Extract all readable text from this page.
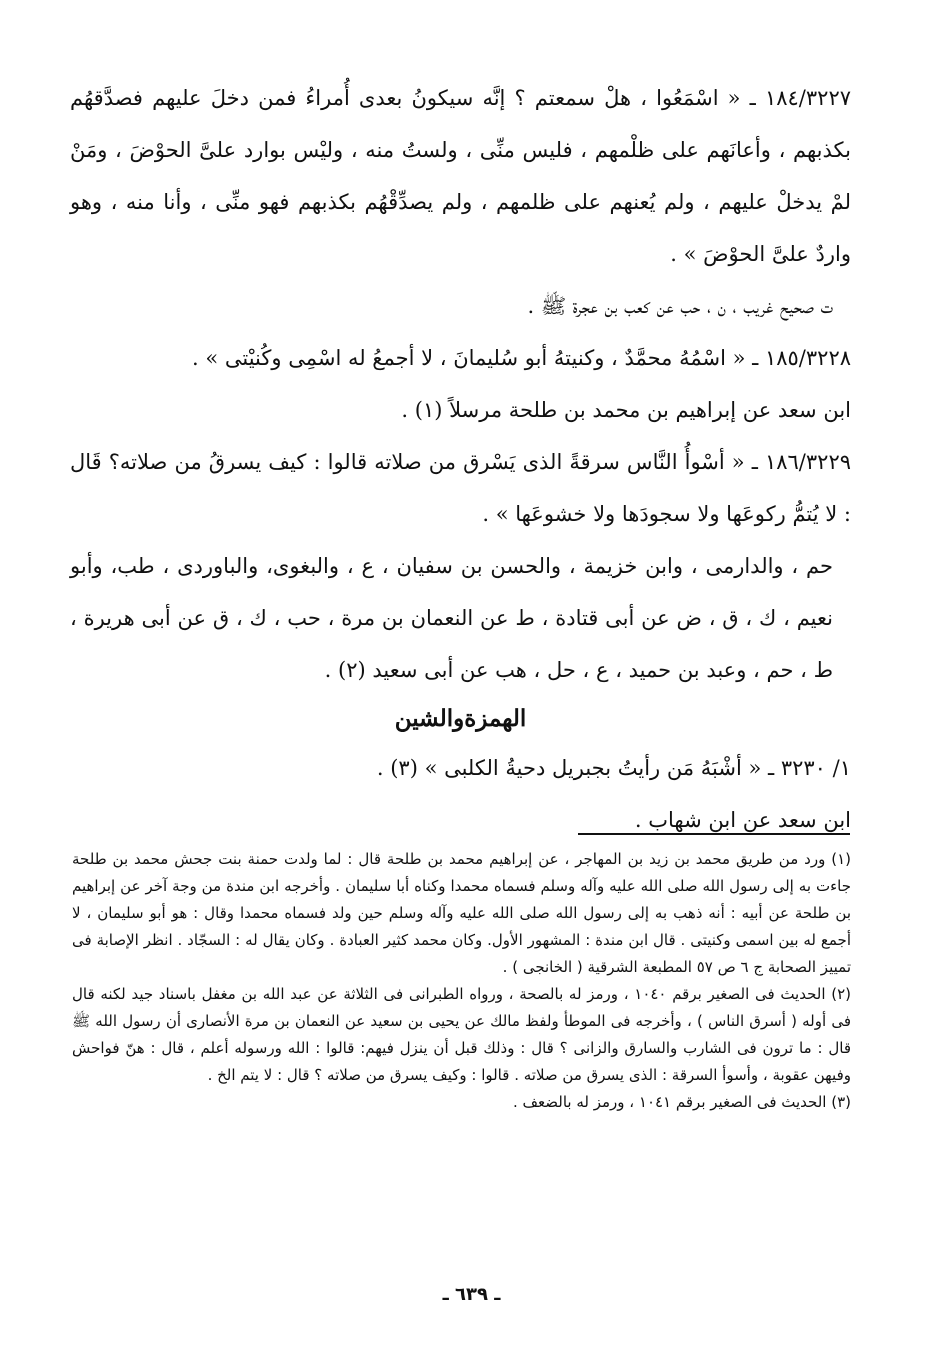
١٨٤/٣٢٢٧ ـ « اسْمَعُوا ، هلْ سمعتم ؟ إنَّه سيكونُ بعدى أُمراءُ فمن دخلَ عليهم فصدَّقهُم بكذبهم ، وأعانَهم على ظلْمهم ، فليس منِّى ، ولستُ منه ، وليْس بوارد علىَّ الحوْضَ ، ومَنْ لمْ يدخلْ عليهم ، ولم يُعنهم على ظلمهم ، ولم يصدِّقْهُم بكذبهم فهو منِّى ، وأنا منه ، وهو واردٌ علىَّ الحوْضَ » .

ت صحيح غريب ، ن ، حب عن كعب بن عجرة ﷺ .

١٨٥/٣٢٢٨ ـ « اسْمُهُ محمَّدٌ ، وكنيتهُ أبو سُليمانَ ، لا أجمعُ له اسْمِى وكُنيْتى » .

ابن سعد عن إبراهيم بن محمد بن طلحة مرسلاً (١) .

١٨٦/٣٢٢٩ ـ « أسْوأُ النَّاس سرقةً الذى يَسْرق من صلاته قالوا : كيف يسرقُ من صلاته؟ قَال : لا يُتمُّ ركوعَها ولا سجودَها ولا خشوعَها » .

حم ، والدارمى ، وابن خزيمة ، والحسن بن سفيان ، ع ، والبغوى، والباوردى ، طب، وأبو نعيم ، ك ، ق ، ض عن أبى قتادة ، ط عن النعمان بن مرة ، حب ، ك ، ق عن أبى هريرة ، ط ، حم ، وعبد بن حميد ، ع ، حل ، هب عن أبى سعيد (٢) .

الهمزةوالشين

١/ ٣٢٣٠ ـ « أشْبَهُ مَن رأيتُ بجبريل دحيةُ الكلبى » (٣) .

ابن سعد عن ابن شهاب .

(١) ورد من طريق محمد بن زيد بن المهاجر ، عن إبراهيم محمد بن طلحة قال : لما ولدت حمنة بنت جحش محمد بن طلحة جاءت به إلى رسول الله صلى الله عليه وآله وسلم فسماه محمدا وكناه أبا سليمان . وأخرجه ابن مندة من وجة آخر عن إبراهيم بن طلحة عن أبيه : أنه ذهب به إلى رسول الله صلى الله عليه وآله وسلم حين ولد فسماه محمدا وقال : هو أبو سليمان ، لا أجمع له بين اسمى وكنيتى . قال ابن مندة : المشهور الأول. وكان محمد كثير العبادة . وكان يقال له : السجّاد . انظر الإصابة فى تمييز الصحابة ج ٦ ص ٥٧ المطبعة الشرقية ( الخانجى ) .

(٢) الحديث فى الصغير برقم ١٠٤٠ ، ورمز له بالصحة ، ورواه الطبرانى فى الثلاثة عن عبد الله بن مغفل باسناد جيد لكنه قال فى أوله ( أسرق الناس ) ، وأخرجه فى الموطأ ولفظ مالك عن يحيى بن سعيد عن النعمان بن مرة الأنصارى أن رسول الله ﷺ قال : ما ترون فى الشارب والسارق والزانى ؟ قال : وذلك قبل أن ينزل فيهم: قالوا : الله ورسوله أعلم ، قال : هنّ فواحش وفيهن عقوبة ، وأسوأ السرقة : الذى يسرق من صلاته . قالوا : وكيف يسرق من صلاته ؟ قال : لا يتم الخ .

(٣) الحديث فى الصغير برقم ١٠٤١ ، ورمز له بالضعف .

ـ ٦٣٩ ـ
